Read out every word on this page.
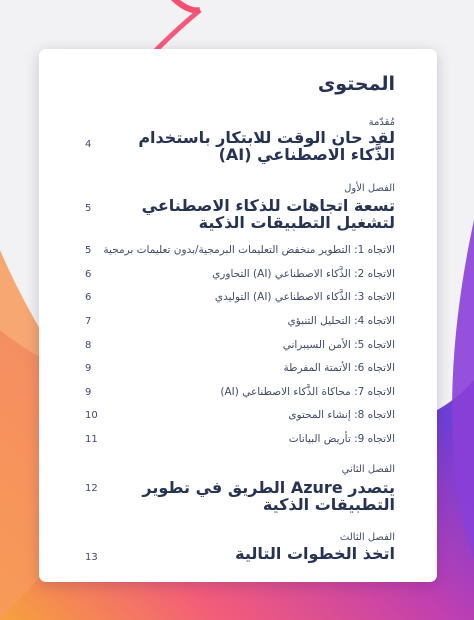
المحتوى
مُقدّمة
لقد حان الوقت للابتكار باستخدام الذَّكاء الاصطناعي (AI)
4
الفصل الأول
تسعة اتجاهات للذكاء الاصطناعي لتشغيل التطبيقات الذكية
5
الاتجاه 1: التطوير منخفض التعليمات البرمجية/بدون تعليمات برمجية
5
الاتجاه 2: الذَّكاء الاصطناعي (AI) التحاوري
6
الاتجاه 3: الذَّكاء الاصطناعي (AI) التوليدي
6
الاتجاه 4: التحليل التنبؤي
7
الاتجاه 5: الأمن السيبراني
8
الاتجاه 6: الأتمتة المفرطة
9
الاتجاه 7: محاكاة الذَّكاء الاصطناعي (AI)
9
الاتجاه 8: إنشاء المحتوى
10
الاتجاه 9: تأريض البيانات
11
الفصل الثاني
يتصدر Azure الطريق في تطوير التطبيقات الذكية
12
الفصل الثالث
اتخذ الخطوات التالية
13
